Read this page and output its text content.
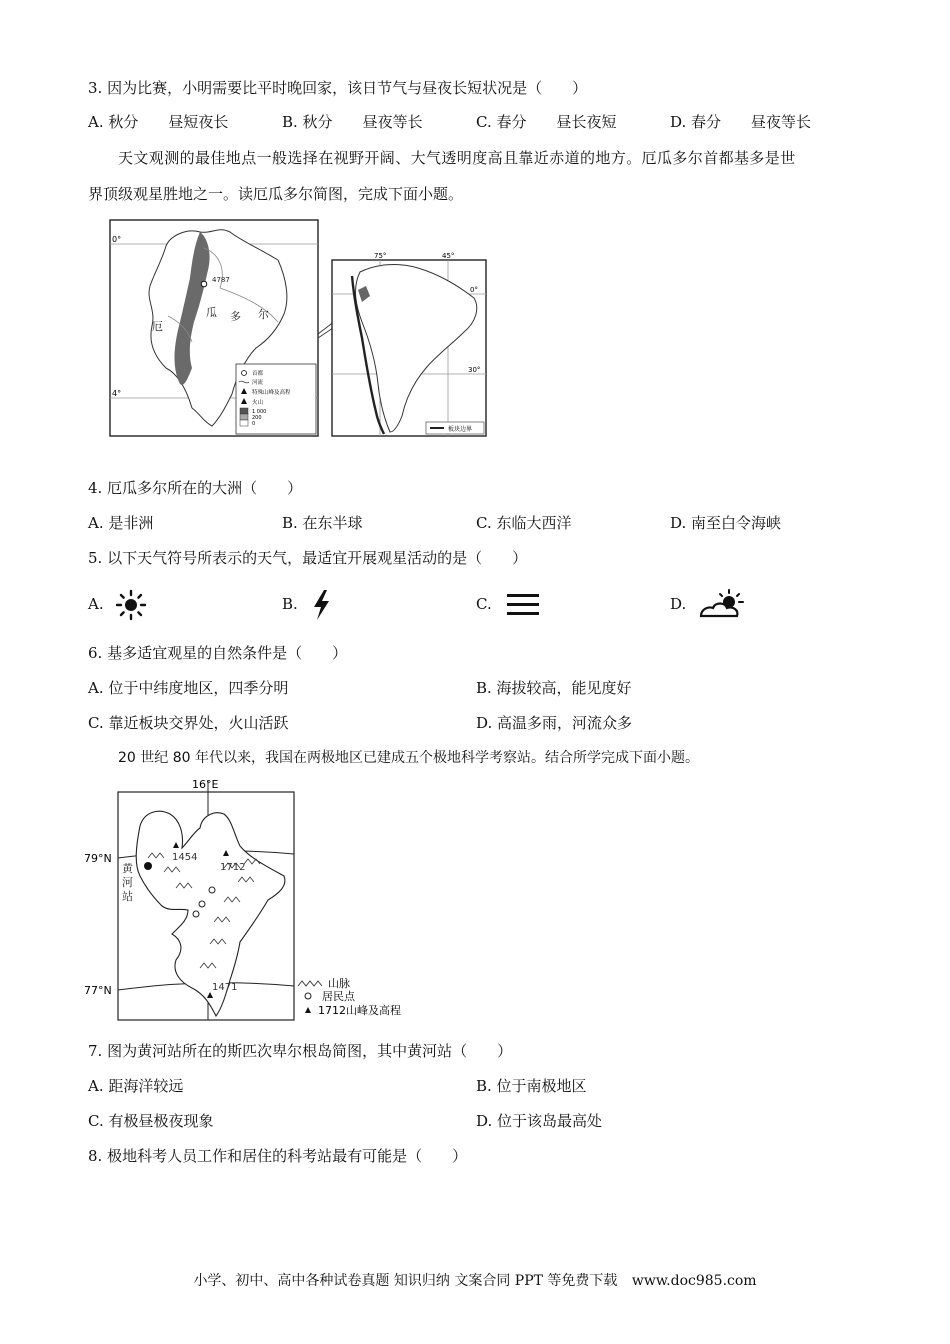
3. 因为比赛，小明需要比平时晚回家，该日节气与昼夜长短状况是（　　）
A. 秋分 昼短夜长	B. 秋分 昼夜等长	C. 春分 昼长夜短	D. 春分 昼夜等长
天文观测的最佳地点一般选择在视野开阔、大气透明度高且靠近赤道的地方。厄瓜多尔首都基多是世
界顶级观星胜地之一。读厄瓜多尔简图，完成下面小题。
0°
4°
4787
厄
瓜 多 尔
首都
河流
特殊山峰及高程
火山
1 000
200
0
75°	45°
0°
30°
板块边界
4. 厄瓜多尔所在的大洲（　　）
A. 是非洲	B. 在东半球	C. 东临大西洋	D. 南至白令海峡
5. 以下天气符号所表示的天气，最适宜开展观星活动的是（　　）
A.	B.	C.	D.
6. 基多适宜观星的自然条件是（　　）
A. 位于中纬度地区，四季分明	B. 海拔较高，能见度好
C. 靠近板块交界处，火山活跃	D. 高温多雨，河流众多
20 世纪 80 年代以来，我国在两极地区已建成五个极地科学考察站。结合所学完成下面小题。
16°E
79°N
77°N
1454
1712
1471
黄
河
站
山脉
居民点
1712山峰及高程
7. 图为黄河站所在的斯匹次卑尔根岛简图，其中黄河站（　　）
A. 距海洋较远	B. 位于南极地区
C. 有极昼极夜现象	D. 位于该岛最高处
8. 极地科考人员工作和居住的科考站最有可能是（　　）
小学、初中、高中各种试卷真题 知识归纳 文案合同 PPT 等免费下载 www.doc985.com
